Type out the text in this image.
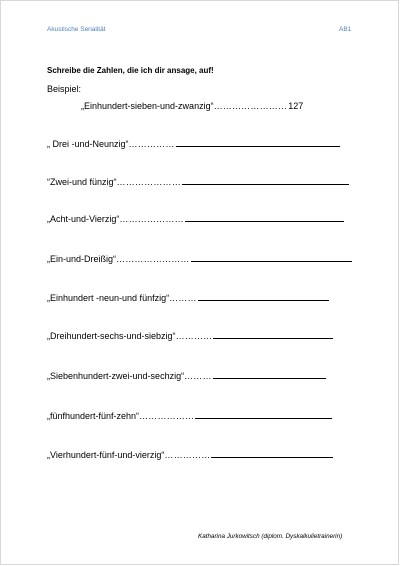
Akustische Serialität	AB1
Schreibe die Zahlen, die ich dir ansage, auf!
Beispiel:
„Einhundert-sieben-und-zwanzig“……………………127
„ Drei -und-Neunzig“……………
“Zwei-und fünzig“…………………
„Acht-und-Vierzig“…………………
„Ein-und-Dreißig“……………………
„Einhundert -neun-und fünfzig“………
„Dreihundert-sechs-und-siebzig“…………
„Siebenhundert-zwei-und-sechzig“………
„fünfhundert-fünf-zehn“………………
„Vierhundert-fünf-und-vierzig“……………
Katharina Jurkowitsch (diplom. Dyskalkulietrainerin)
